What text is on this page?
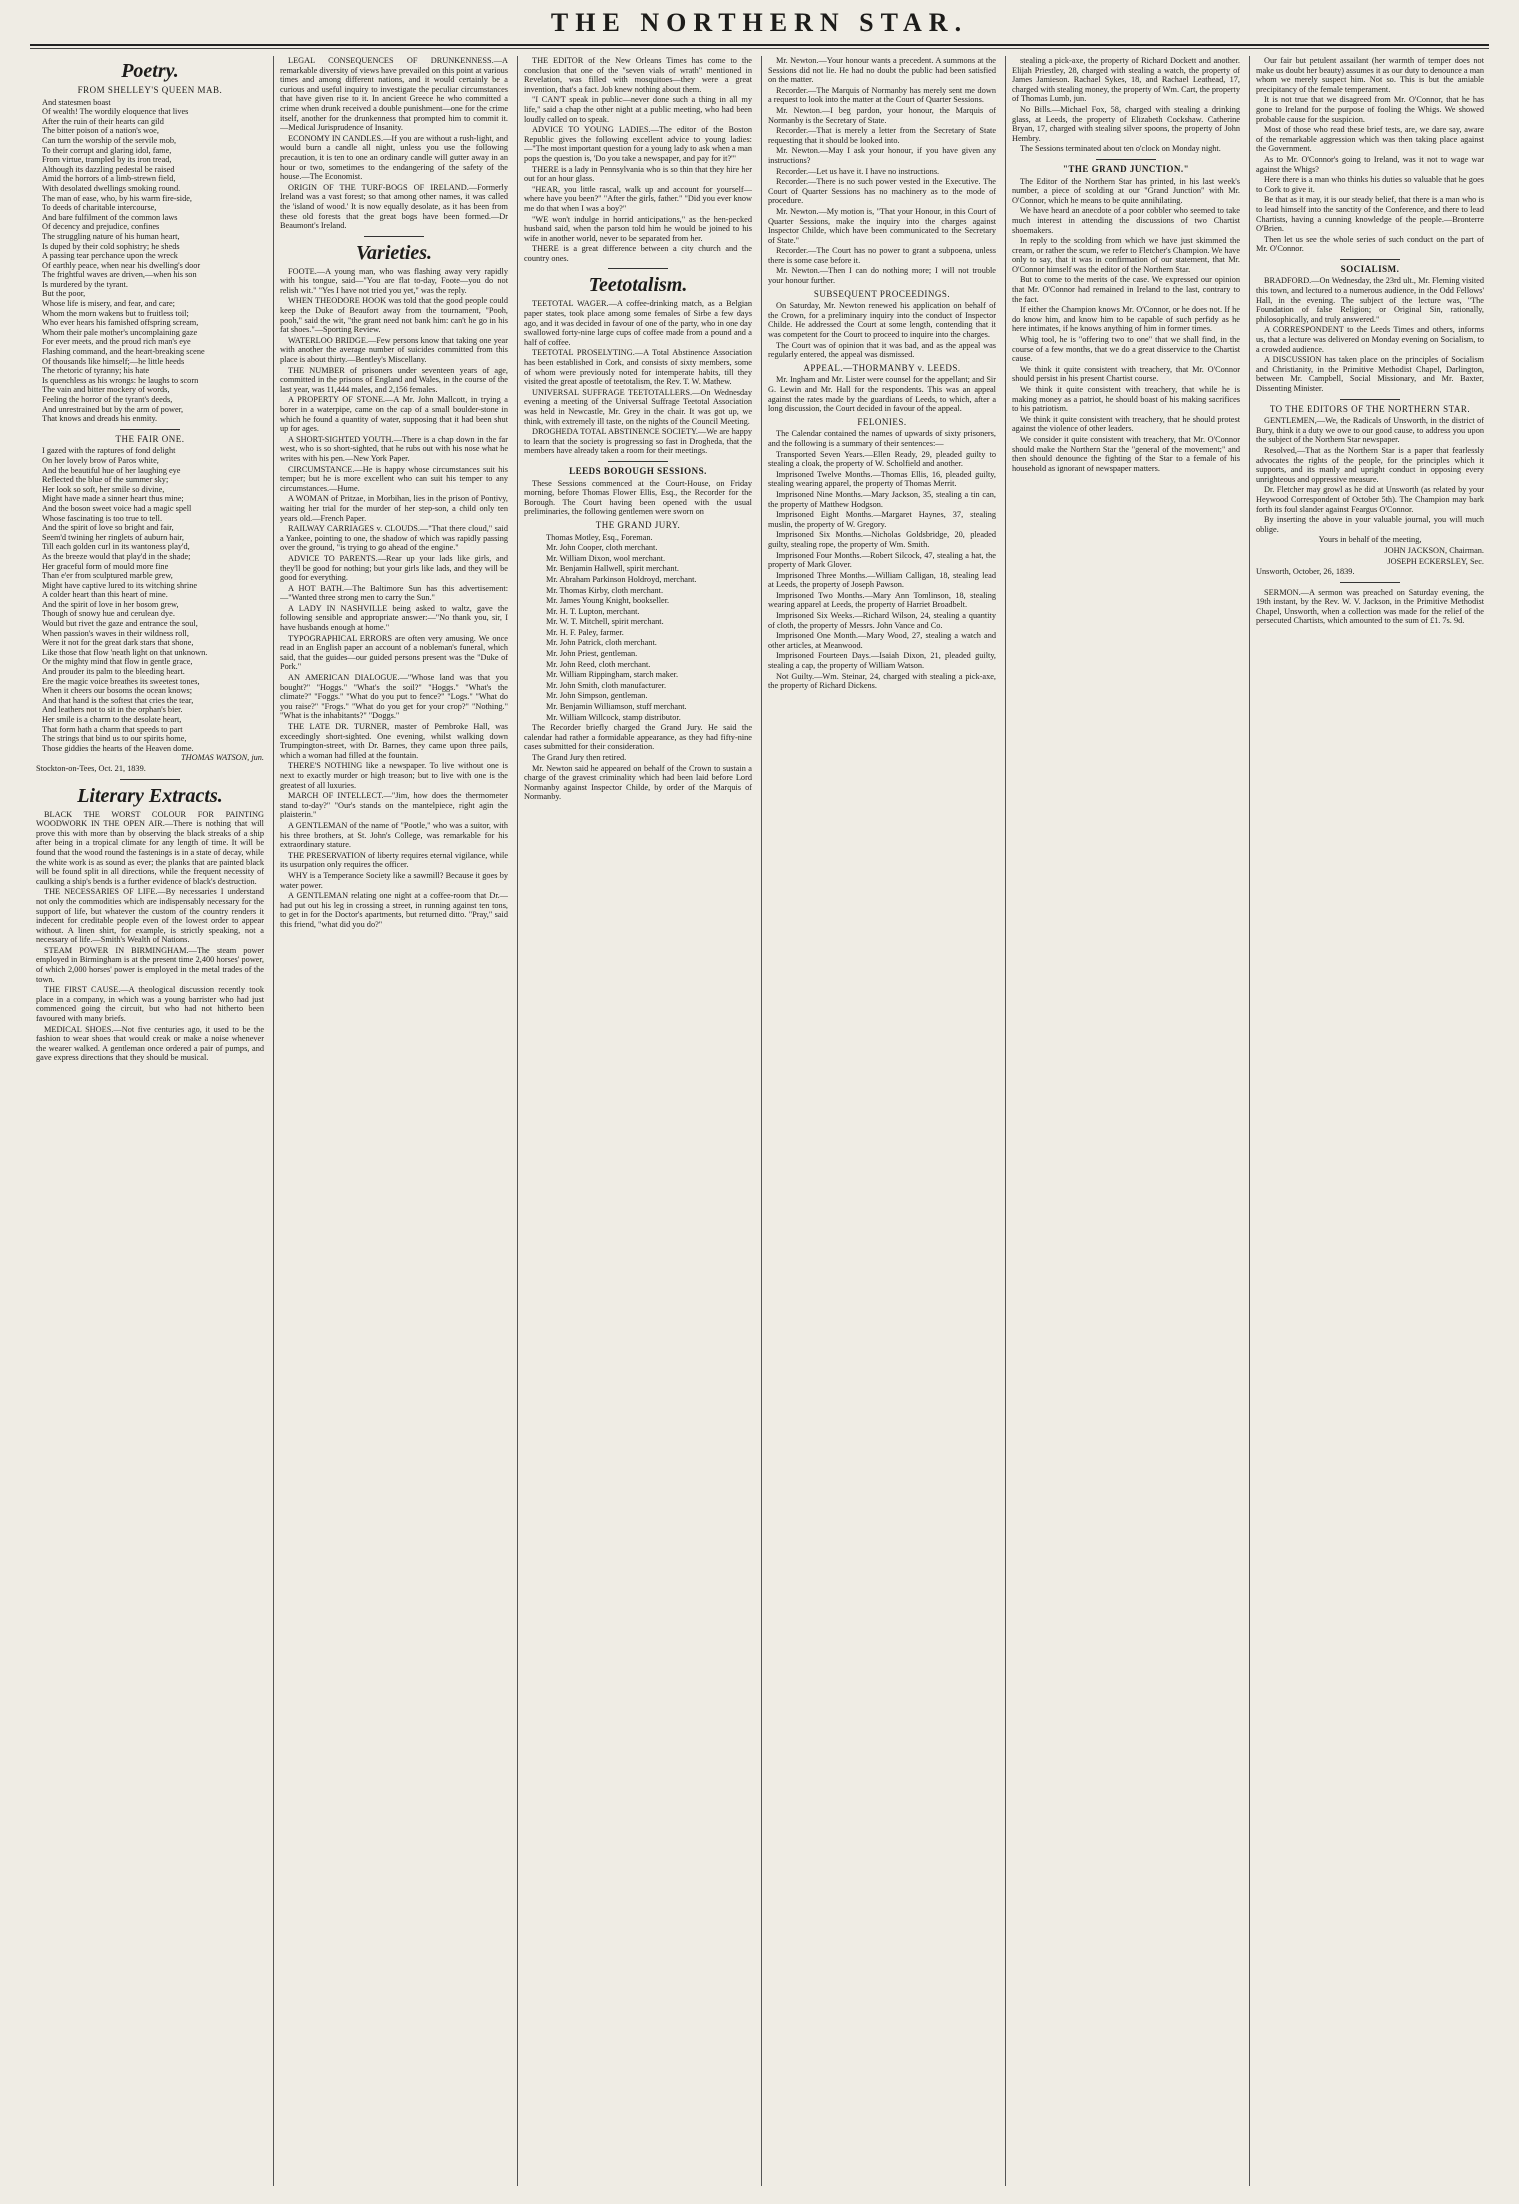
THE NORTHERN STAR.
Poetry.
FROM SHELLEY'S QUEEN MAB.

And statesmen boast

Of wealth! The wordily eloquence that lives

After the ruin of their hearts can gild

The bitter poison of a nation's woe,

Can turn the worship of the servile mob,

To their corrupt and glaring idol, fame,

From virtue, trampled by its iron tread,

Although its dazzling pedestal be raised

Amid the horrors of a limb-strewn field,

With desolated dwellings smoking round.

The man of ease, who, by his warm fire-side,

To deeds of charitable intercourse,

And bare fulfilment of the common laws

Of decency and prejudice, confines

The struggling nature of his human heart,

Is duped by their cold sophistry; he sheds

A passing tear perchance upon the wreck

Of earthly peace, when near his dwelling's door

The frightful waves are driven,—when his son

Is murdered by the tyrant.

But the poor,

Whose life is misery, and fear, and care;

Whom the morn wakens but to fruitless toil;

Who ever hears his famished offspring scream,

Whom their pale mother's uncomplaining gaze

For ever meets, and the proud rich man's eye

Flashing command, and the heart-breaking scene

Of thousands like himself;—he little heeds

The rhetoric of tyranny; his hate

Is quenchless as his wrongs: he laughs to scorn

The vain and bitter mockery of words,

Feeling the horror of the tyrant's deeds,

And unrestrained but by the arm of power,

That knows and dreads his enmity.

THE FAIR ONE.

I gazed with the raptures of fond delight

On her lovely brow of Paros white,

And the beautiful hue of her laughing eye

Reflected the blue of the summer sky;

Her look so soft, her smile so divine,

Might have made a sinner heart thus mine;

And the boson sweet voice had a magic spell

Whose fascinating is too true to tell.

And the spirit of love so bright and fair,

Seem'd twining her ringlets of auburn hair,

Till each golden curl in its wantoness play'd,

As the breeze would that play'd in the shade;

Her graceful form of mould more fine

Than e'er from sculptured marble grew,

Might have captive lured to its witching shrine

A colder heart than this heart of mine.

And the spirit of love in her bosom grew,

Though of snowy hue and cerulean dye.

Would but rivet the gaze and entrance the soul,

When passion's waves in their wildness roll,

Were it not for the great dark stars that shone,

Like those that flow 'neath light on that unknown.

Or the mighty mind that flow in gentle grace,

And prouder its palm to the bleeding heart.

Ere the magic voice breathes its sweetest tones,

When it cheers our bosoms the ocean knows;

And that hand is the softest that cries the tear,

And leathers not to sit in the orphan's bier.

Her smile is a charm to the desolate heart,

That form hath a charm that speeds to part

The strings that bind us to our spirits home,

Those giddies the hearts of the Heaven dome.

THOMAS WATSON, jun.

Stockton-on-Tees, Oct. 21, 1839.

Literary Extracts.

BLACK THE WORST COLOUR FOR PAINTING WOODWORK IN THE OPEN AIR.—There is nothing that will prove this with more than by observing the black streaks of a ship after being in a tropical climate for any length of time. It will be found that the wood round the fastenings is in a state of decay, while the white work is as sound as ever; the planks that are painted black will be found split in all directions, while the frequent necessity of caulking a ship's bends is a further evidence of black's destruction.

THE NECESSARIES OF LIFE.—By necessaries I understand not only the commodities which are indispensably necessary for the support of life, but whatever the custom of the country renders it indecent for creditable people even of the lowest order to appear without. A linen shirt, for example, is strictly speaking, not a necessary of life.—Smith's Wealth of Nations.

STEAM POWER IN BIRMINGHAM.—The steam power employed in Birmingham is at the present time 2,400 horses' power, of which 2,000 horses' power is employed in the metal trades of the town.

THE FIRST CAUSE.—A theological discussion recently took place in a company, in which was a young barrister who had just commenced going the circuit, but who had not hitherto been favoured with many briefs.

MEDICAL SHOES.—Not five centuries ago, it used to be the fashion to wear shoes that would creak or make a noise whenever the wearer walked. A gentleman once ordered a pair of pumps, and gave express directions that they should be musical.

LEGAL CONSEQUENCES OF DRUNKENNESS.—A remarkable diversity of views have prevailed on this point at various times and among different nations, and it would certainly be a curious and useful inquiry to investigate the peculiar circumstances that have given rise to it. In ancient Greece he who committed a crime when drunk received a double punishment—one for the crime itself, another for the drunkenness that prompted him to commit it.—Medical Jurisprudence of Insanity.

ECONOMY IN CANDLES.—If you are without a rush-light, and would burn a candle all night, unless you use the following precaution, it is ten to one an ordinary candle will gutter away in an hour or two, sometimes to the endangering of the safety of the house.—The Economist.

ORIGIN OF THE TURF-BOGS OF IRELAND.—Formerly Ireland was a vast forest; so that among other names, it was called the 'island of wood.' It is now equally desolate, as it has been from these old forests that the great bogs have been formed.—Dr Beaumont's Ireland.

Varieties.

FOOTE.—A young man, who was flashing away very rapidly with his tongue, said—"You are flat to-day, Foote—you do not relish wit." "Yes I have not tried you yet," was the reply.

WHEN THEODORE HOOK was told that the good people could keep the Duke of Beaufort away from the tournament, "Pooh, pooh," said the wit, "the grant need not bank him: can't he go in his fat shoes."—Sporting Review.

WATERLOO BRIDGE.—Few persons know that taking one year with another the average number of suicides committed from this place is about thirty.—Bentley's Miscellany.

THE NUMBER of prisoners under seventeen years of age, committed in the prisons of England and Wales, in the course of the last year, was 11,444 males, and 2,156 females.

A PROPERTY OF STONE.—A Mr. John Mallcott, in trying a borer in a waterpipe, came on the cap of a small boulder-stone in which he found a quantity of water, supposing that it had been shut up for ages.

A SHORT-SIGHTED YOUTH.—There is a chap down in the far west, who is so short-sighted, that he rubs out with his nose what he writes with his pen.—New York Paper.

CIRCUMSTANCE.—He is happy whose circumstances suit his temper; but he is more excellent who can suit his temper to any circumstances.—Hume.

A WOMAN of Pritzae, in Morbihan, lies in the prison of Pontivy, waiting her trial for the murder of her step-son, a child only ten years old.—French Paper.

RAILWAY CARRIAGES v. CLOUDS.—"That there cloud," said a Yankee, pointing to one, the shadow of which was rapidly passing over the ground, "is trying to go ahead of the engine."

ADVICE TO PARENTS.—Rear up your lads like girls, and they'll be good for nothing; but your girls like lads, and they will be good for everything.

A HOT BATH.—The Baltimore Sun has this advertisement:—"Wanted three strong men to carry the Sun."

A LADY IN NASHVILLE being asked to waltz, gave the following sensible and appropriate answer:—"No thank you, sir, I have husbands enough at home."

TYPOGRAPHICAL ERRORS are often very amusing. We once read in an English paper an account of a nobleman's funeral, which said, that the guides—our guided persons present was the "Duke of Pork."

AN AMERICAN DIALOGUE.—"Whose land was that you bought?" "Hoggs." "What's the soil?" "Hoggs." "What's the climate?" "Foggs." "What do you put to fence?" "Logs." "What do you raise?" "Frogs." "What do you get for your crop?" "Nothing." "What is the inhabitants?" "Doggs."

THE LATE DR. TURNER, master of Pembroke Hall, was exceedingly short-sighted. One evening, whilst walking down Trumpington-street, with Dr. Barnes, they came upon three pails, which a woman had filled at the fountain.

THERE'S NOTHING like a newspaper. To live without one is next to exactly murder or high treason; but to live with one is the greatest of all luxuries.

MARCH OF INTELLECT.—"Jim, how does the thermometer stand to-day?" "Our's stands on the mantelpiece, right agin the plaisterin."

A GENTLEMAN of the name of "Pootle," who was a suitor, with his three brothers, at St. John's College, was remarkable for his extraordinary stature.

THE PRESERVATION of liberty requires eternal vigilance, while its usurpation only requires the officer.

WHY is a Temperance Society like a sawmill? Because it goes by water power.

A GENTLEMAN relating one night at a coffee-room that Dr.— had put out his leg in crossing a street, in running against ten tons, to get in for the Doctor's apartments, but returned ditto. "Pray," said this friend, "what did you do?"

THE EDITOR of the New Orleans Times has come to the conclusion that one of the "seven vials of wrath" mentioned in Revelation, was filled with mosquitoes—they were a great invention, that's a fact. Job knew nothing about them.

"I CAN'T speak in public—never done such a thing in all my life," said a chap the other night at a public meeting, who had been loudly called on to speak.

ADVICE TO YOUNG LADIES.—The editor of the Boston Republic gives the following excellent advice to young ladies:—"The most important question for a young lady to ask when a man pops the question is, 'Do you take a newspaper, and pay for it?'"

THERE is a lady in Pennsylvania who is so thin that they hire her out for an hour glass.

"HEAR, you little rascal, walk up and account for yourself—where have you been?" "After the girls, father." "Did you ever know me do that when I was a boy?"

"WE won't indulge in horrid anticipations," as the hen-pecked husband said, when the parson told him he would be joined to his wife in another world, never to be separated from her.

THERE is a great difference between a city church and the country ones.

Teetotalism.

TEETOTAL WAGER.—A coffee-drinking match, as a Belgian paper states, took place among some females of Sirbe a few days ago, and it was decided in favour of one of the party, who in one day swallowed forty-nine large cups of coffee made from a pound and a half of coffee.

TEETOTAL PROSELYTING.—A Total Abstinence Association has been established in Cork, and consists of sixty members, some of whom were previously noted for intemperate habits, till they visited the great apostle of teetotalism, the Rev. T. W. Mathew.

UNIVERSAL SUFFRAGE TEETOTALLERS.—On Wednesday evening a meeting of the Universal Suffrage Teetotal Association was held in Newcastle, Mr. Grey in the chair. It was got up, we think, with extremely ill taste, on the nights of the Council Meeting.

DROGHEDA TOTAL ABSTINENCE SOCIETY.—We are happy to learn that the society is progressing so fast in Drogheda, that the members have already taken a room for their meetings.

LEEDS BOROUGH SESSIONS.

These Sessions commenced at the Court-House, on Friday morning, before Thomas Flower Ellis, Esq., the Recorder for the Borough. The Court having been opened with the usual preliminaries, the following gentlemen were sworn on

THE GRAND JURY.

Thomas Motley, Esq., Foreman.

Mr. John Cooper, cloth merchant.

Mr. William Dixon, wool merchant.

Mr. Benjamin Hallwell, spirit merchant.

Mr. Abraham Parkinson Holdroyd, merchant.

Mr. Thomas Kirby, cloth merchant.

Mr. James Young Knight, bookseller.

Mr. H. T. Lupton, merchant.

Mr. W. T. Mitchell, spirit merchant.

Mr. H. F. Paley, farmer.

Mr. John Patrick, cloth merchant.

Mr. John Priest, gentleman.

Mr. John Reed, cloth merchant.

Mr. William Rippingham, starch maker.

Mr. John Smith, cloth manufacturer.

Mr. John Simpson, gentleman.

Mr. Benjamin Williamson, stuff merchant.

Mr. William Willcock, stamp distributor.

The Recorder briefly charged the Grand Jury. He said the calendar had rather a formidable appearance, as they had fifty-nine cases submitted for their consideration.

The Grand Jury then retired.

Mr. Newton said he appeared on behalf of the Crown to sustain a charge of the gravest criminality which had been laid before Lord Normanby against Inspector Childe, by order of the Marquis of Normanby.

Mr. Newton.—Your honour wants a precedent. A summons at the Sessions did not lie. He had no doubt the public had been satisfied on the matter.

Recorder.—The Marquis of Normanby has merely sent me down a request to look into the matter at the Court of Quarter Sessions.

Mr. Newton.—I beg pardon, your honour, the Marquis of Normanby is the Secretary of State.

Recorder.—That is merely a letter from the Secretary of State requesting that it should be looked into.

Mr. Newton.—May I ask your honour, if you have given any instructions?

Recorder.—Let us have it. I have no instructions.

Recorder.—There is no such power vested in the Executive. The Court of Quarter Sessions has no machinery as to the mode of procedure.

Mr. Newton.—My motion is, "That your Honour, in this Court of Quarter Sessions, make the inquiry into the charges against Inspector Childe, which have been communicated to the Secretary of State."

Recorder.—The Court has no power to grant a subpoena, unless there is some case before it.

Mr. Newton.—Then I can do nothing more; I will not trouble your honour further.

SUBSEQUENT PROCEEDINGS.

On Saturday, Mr. Newton renewed his application on behalf of the Crown, for a preliminary inquiry into the conduct of Inspector Childe. He addressed the Court at some length, contending that it was competent for the Court to proceed to inquire into the charges.

The Court was of opinion that it was bad, and as the appeal was regularly entered, the appeal was dismissed.

APPEAL.—THORMANBY v. LEEDS.

Mr. Ingham and Mr. Lister were counsel for the appellant; and Sir G. Lewin and Mr. Hall for the respondents. This was an appeal against the rates made by the guardians of Leeds, to which, after a long discussion, the Court decided in favour of the appeal.

FELONIES.

The Calendar contained the names of upwards of sixty prisoners, and the following is a summary of their sentences:—

Transported Seven Years.—Ellen Ready, 29, pleaded guilty to stealing a cloak, the property of W. Scholfield and another.

Imprisoned Twelve Months.—Thomas Ellis, 16, pleaded guilty, stealing wearing apparel, the property of Thomas Merrit.

Imprisoned Nine Months.—Mary Jackson, 35, stealing a tin can, the property of Matthew Hodgson.

Imprisoned Eight Months.—Margaret Haynes, 37, stealing muslin, the property of W. Gregory.

Imprisoned Six Months.—Nicholas Goldsbridge, 20, pleaded guilty, stealing rope, the property of Wm. Smith.

Imprisoned Four Months.—Robert Silcock, 47, stealing a hat, the property of Mark Glover.

Imprisoned Three Months.—William Calligan, 18, stealing lead at Leeds, the property of Joseph Pawson.

Imprisoned Two Months.—Mary Ann Tomlinson, 18, stealing wearing apparel at Leeds, the property of Harriet Broadbelt.

Imprisoned Six Weeks.—Richard Wilson, 24, stealing a quantity of cloth, the property of Messrs. John Vance and Co.

Imprisoned One Month.—Mary Wood, 27, stealing a watch and other articles, at Meanwood.

Imprisoned Fourteen Days.—Isaiah Dixon, 21, pleaded guilty, stealing a cap, the property of William Watson.

Not Guilty.—Wm. Steinar, 24, charged with stealing a pick-axe, the property of Richard Dickens.

stealing a pick-axe, the property of Richard Dockett and another. Elijah Priestley, 28, charged with stealing a watch, the property of James Jamieson. Rachael Sykes, 18, and Rachael Leathead, 17, charged with stealing money, the property of Wm. Cart, the property of Thomas Lumb, jun.

No Bills.—Michael Fox, 58, charged with stealing a drinking glass, at Leeds, the property of Elizabeth Cockshaw. Catherine Bryan, 17, charged with stealing silver spoons, the property of John Hembry.

The Sessions terminated about ten o'clock on Monday night.

"THE GRAND JUNCTION."

The Editor of the Northern Star has printed, in his last week's number, a piece of scolding at our "Grand Junction" with Mr. O'Connor, which he means to be quite annihilating.

We have heard an anecdote of a poor cobbler who seemed to take much interest in attending the discussions of two Chartist shoemakers.

In reply to the scolding from which we have just skimmed the cream, or rather the scum, we refer to Fletcher's Champion. We have only to say, that it was in confirmation of our statement, that Mr. O'Connor himself was the editor of the Northern Star.

But to come to the merits of the case. We expressed our opinion that Mr. O'Connor had remained in Ireland to the last, contrary to the fact.

If either the Champion knows Mr. O'Connor, or he does not. If he do know him, and know him to be capable of such perfidy as he here intimates, if he knows anything of him in former times.

Whig tool, he is "offering two to one" that we shall find, in the course of a few months, that we do a great disservice to the Chartist cause.

We think it quite consistent with treachery, that Mr. O'Connor should persist in his present Chartist course.

We think it quite consistent with treachery, that while he is making money as a patriot, he should boast of his making sacrifices to his patriotism.

We think it quite consistent with treachery, that he should protest against the violence of other leaders.

We consider it quite consistent with treachery, that Mr. O'Connor should make the Northern Star the "general of the movement;" and then should denounce the fighting of the Star to a female of his household as ignorant of newspaper matters.

Our fair but petulent assailant (her warmth of temper does not make us doubt her beauty) assumes it as our duty to denounce a man whom we merely suspect him. Not so. This is but the amiable precipitancy of the female temperament.

It is not true that we disagreed from Mr. O'Connor, that he has gone to Ireland for the purpose of fooling the Whigs. We showed probable cause for the suspicion.

Most of those who read these brief tests, are, we dare say, aware of the remarkable aggression which was then taking place against the Government.

As to Mr. O'Connor's going to Ireland, was it not to wage war against the Whigs?

Here there is a man who thinks his duties so valuable that he goes to Cork to give it.

Be that as it may, it is our steady belief, that there is a man who is to lead himself into the sanctity of the Conference, and there to lead Chartists, having a cunning knowledge of the people.—Bronterre O'Brien.

Then let us see the whole series of such conduct on the part of Mr. O'Connor.

SOCIALISM.

BRADFORD.—On Wednesday, the 23rd ult., Mr. Fleming visited this town, and lectured to a numerous audience, in the Odd Fellows' Hall, in the evening. The subject of the lecture was, "The Foundation of false Religion; or Original Sin, rationally, philosophically, and truly answered."

A CORRESPONDENT to the Leeds Times and others, informs us, that a lecture was delivered on Monday evening on Socialism, to a crowded audience.

A DISCUSSION has taken place on the principles of Socialism and Christianity, in the Primitive Methodist Chapel, Darlington, between Mr. Campbell, Social Missionary, and Mr. Baxter, Dissenting Minister.

TO THE EDITORS OF THE NORTHERN STAR.

GENTLEMEN,—We, the Radicals of Unsworth, in the district of Bury, think it a duty we owe to our good cause, to address you upon the subject of the Northern Star newspaper.

Resolved,—That as the Northern Star is a paper that fearlessly advocates the rights of the people, for the principles which it supports, and its manly and upright conduct in opposing every unrighteous and oppressive measure.

Dr. Fletcher may growl as he did at Unsworth (as related by your Heywood Correspondent of October 5th). The Champion may bark forth its foul slander against Feargus O'Connor.

By inserting the above in your valuable journal, you will much oblige.

Yours in behalf of the meeting,

JOHN JACKSON, Chairman.

JOSEPH ECKERSLEY, Sec.

Unsworth, October, 26, 1839.

SERMON.—A sermon was preached on Saturday evening, the 19th instant, by the Rev. W. V. Jackson, in the Primitive Methodist Chapel, Unsworth, when a collection was made for the relief of the persecuted Chartists, which amounted to the sum of £1. 7s. 9d.
